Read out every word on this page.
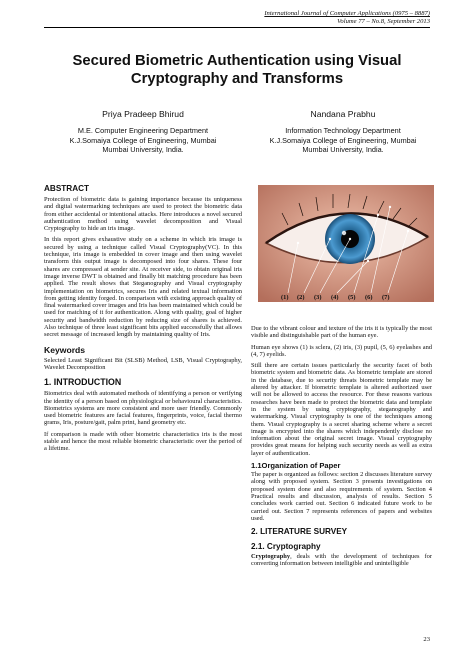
International Journal of Computer Applications (0975 – 8887)
Volume 77 – No.8, September 2013
Secured Biometric Authentication using Visual
Cryptography and Transforms
Priya Pradeep Bhirud
M.E. Computer Engineering Department
K.J.Somaiya College of Engineering, Mumbai
Mumbai University, India.
Nandana Prabhu
Information Technology Department
K.J.Somaiya College of Engineering, Mumbai
Mumbai University, India.
ABSTRACT

Protection of biometric data is gaining importance because its uniqueness and digital watermarking techniques are used to protect the biometric data from either accidental or intentional attacks. Here introduces a novel secured authentication method using wavelet decomposition and Visual Cryptography to hide an iris image.

In this report gives exhaustive study on a scheme in which iris image is secured by using a technique called Visual Cryptography(VC). In this technique, iris image is embedded in cover image and then using wavelet transform this output image is decomposed into four shares. These four shares are compressed at sender site. At receiver side, to obtain original iris image inverse DWT is obtained and finally bit matching procedure has been applied. The result shows that Steganography and Visual cryptography implementation on biometrics, secures Iris and related textual information from getting identity forged. In comparison with existing approach quality of final watermarked cover images and Iris has been maintained which could be used for matching of it for authentication. Along with quality, goal of higher security and bandwidth reduction by reducing size of shares is achieved. Also technique of three least significant bits applied successfully that allows secret message of increased length by maintaining quality of Iris.

Keywords

Selected Least Significant Bit (SLSB) Method, LSB, Visual Cryptography, Wavelet Decomposition

1. INTRODUCTION

Biometrics deal with automated methods of identifying a person or verifying the identity of a person based on physiological or behavioural characteristics. Biometrics systems are more consistent and more user friendly. Commonly used biometric features are facial features, fingerprints, voice, facial thermo grams, Iris, posture/gait, palm print, hand geometry etc.

If comparison is made with other biometric characteristics iris is the most stable and hence the most reliable biometric characteristic over the period of a lifetime.

(1) (2) (3) (4) (5) (6) (7)

Due to the vibrant colour and texture of the iris it is typically the most visible and distinguishable part of the human eye.

Human eye shows (1) is sclera, (2) iris, (3) pupil, (5, 6) eyelashes and (4, 7) eyelids.

Still there are certain issues particularly the security facet of both biometric system and biometric data. As biometric template are stored in the database, due to security threats biometric template may be altered by attacker. If biometric template is altered authorized user will not be allowed to access the resource. For these reasons various researches have been made to protect the biometric data and template in the system by using cryptography, steganography and watermarking. Visual cryptography is one of the techniques among them. Visual cryptography is a secret sharing scheme where a secret image is encrypted into the shares which independently disclose no information about the original secret image. Visual cryptography provides great means for helping such security needs as well as extra layer of authentication.

1.1Organization of Paper

The paper is organized as follows: section 2 discusses literature survey along with proposed system. Section 3 presents investigations on proposed system done and also requirements of system. Section 4 Practical results and discussion, analysis of results. Section 5 concludes work carried out. Section 6 indicated future work to be carried out. Section 7 represents references of papers and websites used.

2. LITERATURE SURVEY
2.1. Cryptography

Cryptography, deals with the development of techniques for converting information between intelligible and unintelligible

23
